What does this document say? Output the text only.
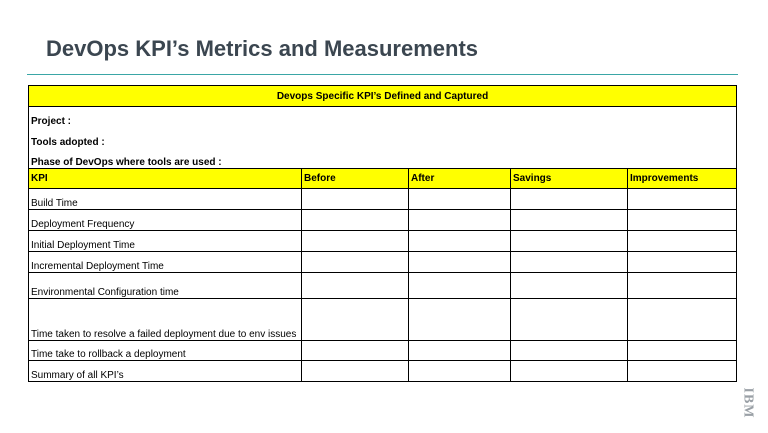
DevOps KPI’s Metrics and Measurements
Devops Specific KPI’s Defined and Captured				
Project :				
Tools adopted :				
Phase of DevOps where tools are used :				
KPI	Before	After	Savings	Improvements
Build Time				
Deployment Frequency				
Initial Deployment Time				
Incremental Deployment Time				
Environmental Configuration time				
Time taken to resolve a failed deployment due to env issues				
Time take to rollback a deployment				
Summary of all KPI’s				
IBM
